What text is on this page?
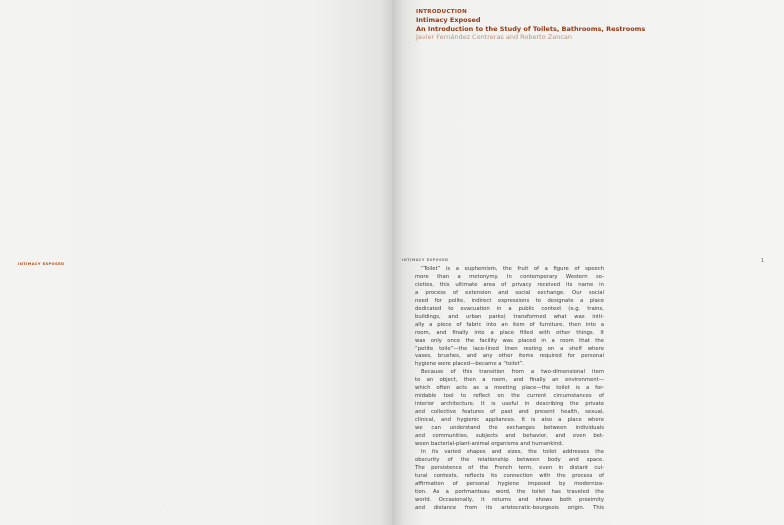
INTIMACY EXPOSED
·
INTRODUCTION
Intimacy Exposed
An Introduction to the Study of Toilets, Bathrooms, Restrooms
Javier Fernández Contreras and Roberto Zancan
INTIMACY EXPOSED	1
“Toilet” is a euphemism, the fruit of a figure of speech
more than a metonymy. In contemporary Western so-
cieties, this ultimate area of privacy received its name in
a process of extension and social exchange. Our social
need for polite, indirect expressions to designate a place
dedicated to evacuation in a public context (e.g. trains,
buildings, and urban parks) transformed what was initi-
ally a piece of fabric into an item of furniture, then into a
room, and finally into a place filled with other things. It
was only once the facility was placed in a room that the
“petite toile”—the lace-lined linen resting on a shelf where
vases, brushes, and any other items required for personal
hygiene were placed—became a “toilet”.
Because of this transition from a two-dimensional item
to an object, then a room, and finally an environment—
which often acts as a meeting place—the toilet is a for-
midable tool to reflect on the current circumstances of
interior architecture. It is useful in describing the private
and collective features of past and present health, sexual,
clinical, and hygienic appliances. It is also a place where
we can understand the exchanges between individuals
and communities, subjects and behavior, and even bet-
ween bacterial-plant-animal organisms and humankind.
In its varied shapes and sizes, the toilet addresses the
obscurity of the relationship between body and space.
The persistence of the French term, even in distant cul-
tural contexts, reflects its connection with the process of
affirmation of personal hygiene imposed by moderniza-
tion. As a portmanteau word, the toilet has traveled the
world. Occasionally, it returns and shows both proximity
and distance from its aristocratic-bourgeois origin. This
